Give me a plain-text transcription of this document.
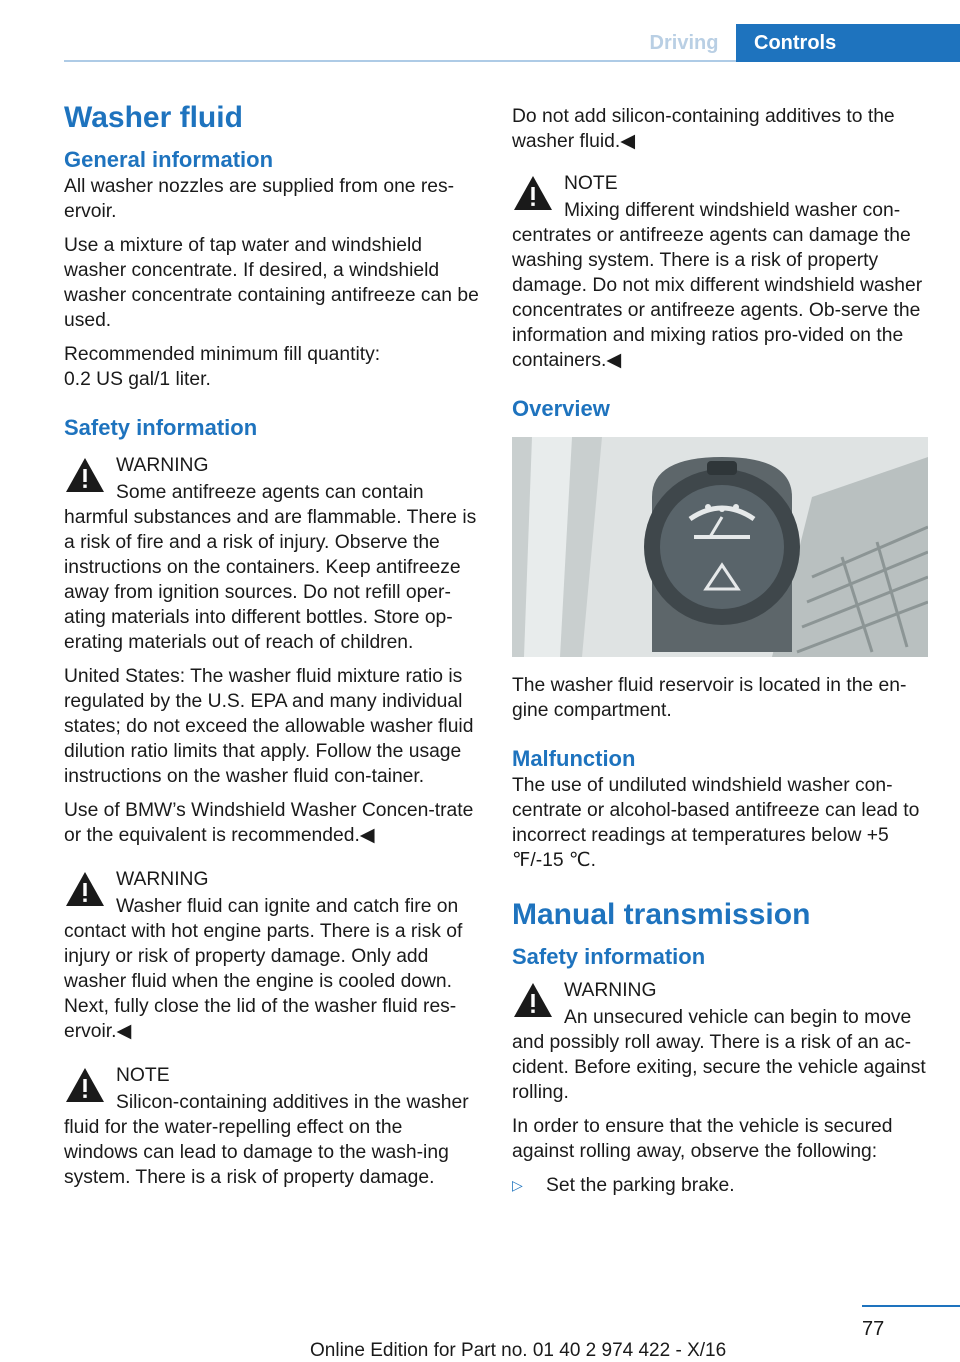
Driving	Controls
Washer fluid
General information

All washer nozzles are supplied from one res‐ervoir.

Use a mixture of tap water and windshield washer concentrate. If desired, a windshield washer concentrate containing antifreeze can be used.

Recommended minimum fill quantity:
0.2 US gal/1 liter.

Safety information
WARNING
Some antifreeze agents can contain harmful substances and are flammable. There is a risk of fire and a risk of injury. Observe the instructions on the containers. Keep antifreeze away from ignition sources. Do not refill oper‐ating materials into different bottles. Store op‐erating materials out of reach of children.

United States: The washer fluid mixture ratio is regulated by the U.S. EPA and many individual states; do not exceed the allowable washer fluid dilution ratio limits that apply. Follow the usage instructions on the washer fluid con‐tainer.

Use of BMW’s Windshield Washer Concen‐trate or the equivalent is recommended.◀

WARNING
Washer fluid can ignite and catch fire on contact with hot engine parts. There is a risk of injury or risk of property damage. Only add washer fluid when the engine is cooled down. Next, fully close the lid of the washer fluid res‐ervoir.◀
NOTE
Silicon-containing additives in the washer fluid for the water-repelling effect on the windows can lead to damage to the wash‐ing system. There is a risk of property damage.

Do not add silicon-containing additives to the washer fluid.◀

NOTE
Mixing different windshield washer con‐centrates or antifreeze agents can damage the washing system. There is a risk of property damage. Do not mix different windshield washer concentrates or antifreeze agents. Ob‐serve the information and mixing ratios pro‐vided on the containers.◀
Overview

The washer fluid reservoir is located in the en‐gine compartment.

Malfunction

The use of undiluted windshield washer con‐centrate or alcohol-based antifreeze can lead to incorrect readings at temperatures below +5 ℉/-15 ℃.

Manual transmission
Safety information
WARNING
An unsecured vehicle can begin to move and possibly roll away. There is a risk of an ac‐cident. Before exiting, secure the vehicle against rolling.

In order to ensure that the vehicle is secured against rolling away, observe the following:

▷ Set the parking brake.
77
Online Edition for Part no. 01 40 2 974 422 - X/16
